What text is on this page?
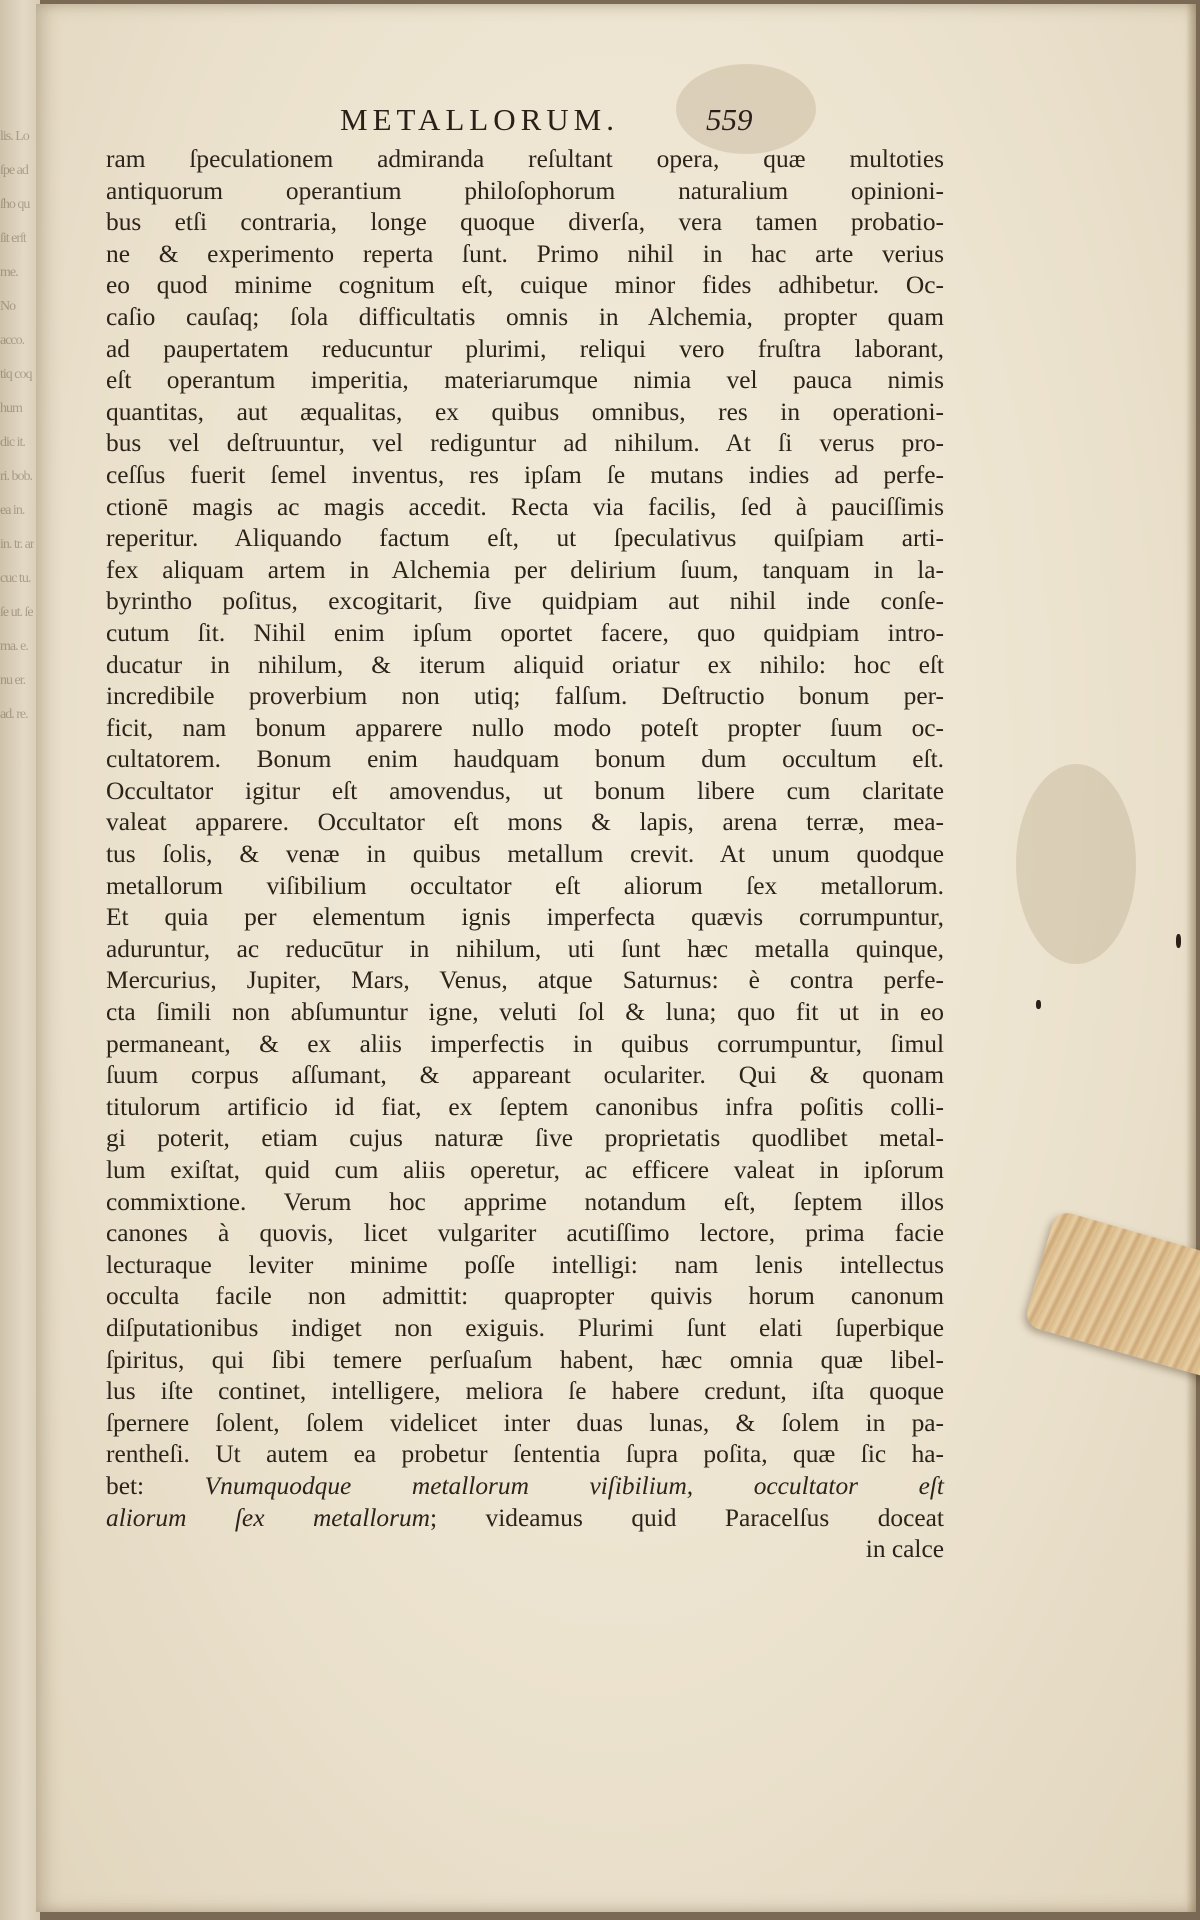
lis. Lo ſpe ad ſho qu ſit erſt me. No acco. tiq coq hum dic it. ri. bob. ea in. in. tr. ar cuc tu. ſe ut. ſe ma. e. nu er. ad. re.
METALLORUM.	559
ram ſpeculationem admiranda reſultant opera, quæ multoties
antiquorum operantium philoſophorum naturalium opinioni-
bus etſi contraria, longe quoque diverſa, vera tamen probatio-
ne & experimento reperta ſunt. Primo nihil in hac arte verius
eo quod minime cognitum eſt, cuique minor fides adhibetur. Oc-
caſio cauſaq; ſola difficultatis omnis in Alchemia, propter quam
ad paupertatem reducuntur plurimi, reliqui vero fruſtra laborant,
eſt operantum imperitia, materiarumque nimia vel pauca nimis
quantitas, aut æqualitas, ex quibus omnibus, res in operationi-
bus vel deſtruuntur, vel rediguntur ad nihilum. At ſi verus pro-
ceſſus fuerit ſemel inventus, res ipſam ſe mutans indies ad perfe-
ctionē magis ac magis accedit. Recta via facilis, ſed à pauciſſimis
reperitur. Aliquando factum eſt, ut ſpeculativus quiſpiam arti-
fex aliquam artem in Alchemia per delirium ſuum, tanquam in la-
byrintho poſitus, excogitarit, ſive quidpiam aut nihil inde conſe-
cutum ſit. Nihil enim ipſum oportet facere, quo quidpiam intro-
ducatur in nihilum, & iterum aliquid oriatur ex nihilo: hoc eſt
incredibile proverbium non utiq; falſum. Deſtructio bonum per-
ficit, nam bonum apparere nullo modo poteſt propter ſuum oc-
cultatorem. Bonum enim haudquam bonum dum occultum eſt.
Occultator igitur eſt amovendus, ut bonum libere cum claritate
valeat apparere. Occultator eſt mons & lapis, arena terræ, mea-
tus ſolis, & venæ in quibus metallum crevit. At unum quodque
metallorum viſibilium occultator eſt aliorum ſex metallorum.
Et quia per elementum ignis imperfecta quævis corrumpuntur,
aduruntur, ac reducūtur in nihilum, uti ſunt hæc metalla quinque,
Mercurius, Jupiter, Mars, Venus, atque Saturnus: è contra perfe-
cta ſimili non abſumuntur igne, veluti ſol & luna; quo fit ut in eo
permaneant, & ex aliis imperfectis in quibus corrumpuntur, ſimul
ſuum corpus aſſumant, & appareant oculariter. Qui & quonam
titulorum artificio id fiat, ex ſeptem canonibus infra poſitis colli-
gi poterit, etiam cujus naturæ ſive proprietatis quodlibet metal-
lum exiſtat, quid cum aliis operetur, ac efficere valeat in ipſorum
commixtione. Verum hoc apprime notandum eſt, ſeptem illos
canones à quovis, licet vulgariter acutiſſimo lectore, prima facie
lecturaque leviter minime poſſe intelligi: nam lenis intellectus
occulta facile non admittit: quapropter quivis horum canonum
diſputationibus indiget non exiguis. Plurimi ſunt elati ſuperbique
ſpiritus, qui ſibi temere perſuaſum habent, hæc omnia quæ libel-
lus iſte continet, intelligere, meliora ſe habere credunt, iſta quoque
ſpernere ſolent, ſolem videlicet inter duas lunas, & ſolem in pa-
rentheſi. Ut autem ea probetur ſententia ſupra poſita, quæ ſic ha-
bet: Vnumquodque metallorum viſibilium, occultator eſt
aliorum ſex metallorum; videamus quid Paracelſus doceat
in calce
